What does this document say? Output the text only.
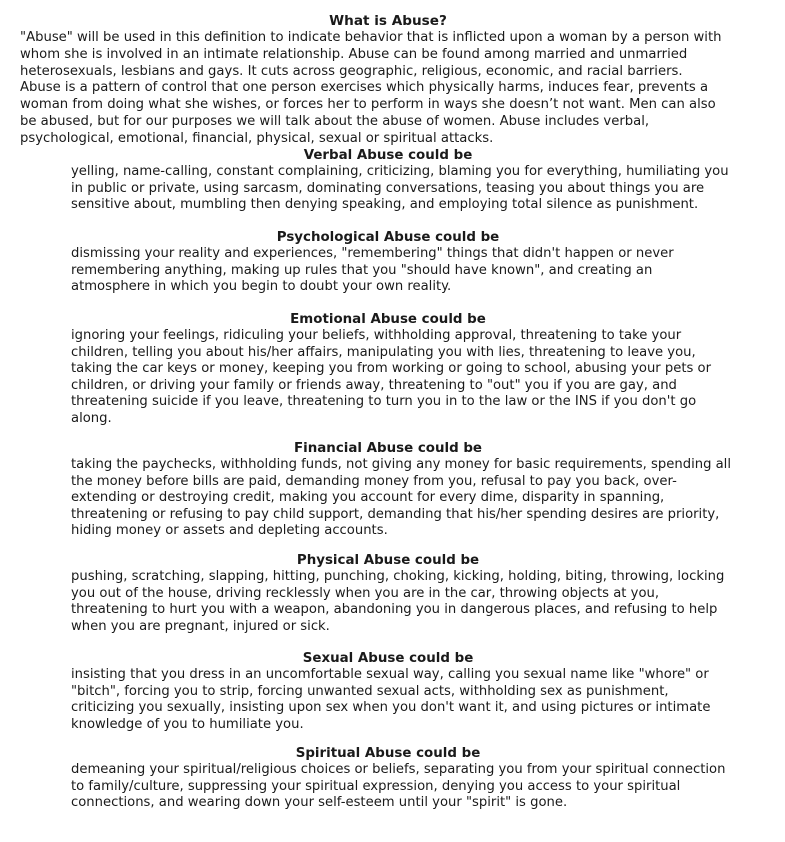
What is Abuse?
"Abuse" will be used in this definition to indicate behavior that is inflicted upon a woman by a person with
whom she is involved in an intimate relationship. Abuse can be found among married and unmarried
heterosexuals, lesbians and gays. It cuts across geographic, religious, economic, and racial barriers.
Abuse is a pattern of control that one person exercises which physically harms, induces fear, prevents a
woman from doing what she wishes, or forces her to perform in ways she doesn’t not want. Men can also
be abused, but for our purposes we will talk about the abuse of women. Abuse includes verbal,
psychological, emotional, financial, physical, sexual or spiritual attacks.
Verbal Abuse could be
yelling, name-calling, constant complaining, criticizing, blaming you for everything, humiliating you
in public or private, using sarcasm, dominating conversations, teasing you about things you are
sensitive about, mumbling then denying speaking, and employing total silence as punishment.
Psychological Abuse could be
dismissing your reality and experiences, "remembering" things that didn't happen or never
remembering anything, making up rules that you "should have known", and creating an
atmosphere in which you begin to doubt your own reality.
Emotional Abuse could be
ignoring your feelings, ridiculing your beliefs, withholding approval, threatening to take your
children, telling you about his/her affairs, manipulating you with lies, threatening to leave you,
taking the car keys or money, keeping you from working or going to school, abusing your pets or
children, or driving your family or friends away, threatening to "out" you if you are gay, and
threatening suicide if you leave, threatening to turn you in to the law or the INS if you don't go
along.
Financial Abuse could be
taking the paychecks, withholding funds, not giving any money for basic requirements, spending all
the money before bills are paid, demanding money from you, refusal to pay you back, over-
extending or destroying credit, making you account for every dime, disparity in spanning,
threatening or refusing to pay child support, demanding that his/her spending desires are priority,
hiding money or assets and depleting accounts.
Physical Abuse could be
pushing, scratching, slapping, hitting, punching, choking, kicking, holding, biting, throwing, locking
you out of the house, driving recklessly when you are in the car, throwing objects at you,
threatening to hurt you with a weapon, abandoning you in dangerous places, and refusing to help
when you are pregnant, injured or sick.
Sexual Abuse could be
insisting that you dress in an uncomfortable sexual way, calling you sexual name like "whore" or
"bitch", forcing you to strip, forcing unwanted sexual acts, withholding sex as punishment,
criticizing you sexually, insisting upon sex when you don't want it, and using pictures or intimate
knowledge of you to humiliate you.
Spiritual Abuse could be
demeaning your spiritual/religious choices or beliefs, separating you from your spiritual connection
to family/culture, suppressing your spiritual expression, denying you access to your spiritual
connections, and wearing down your self-esteem until your "spirit" is gone.
